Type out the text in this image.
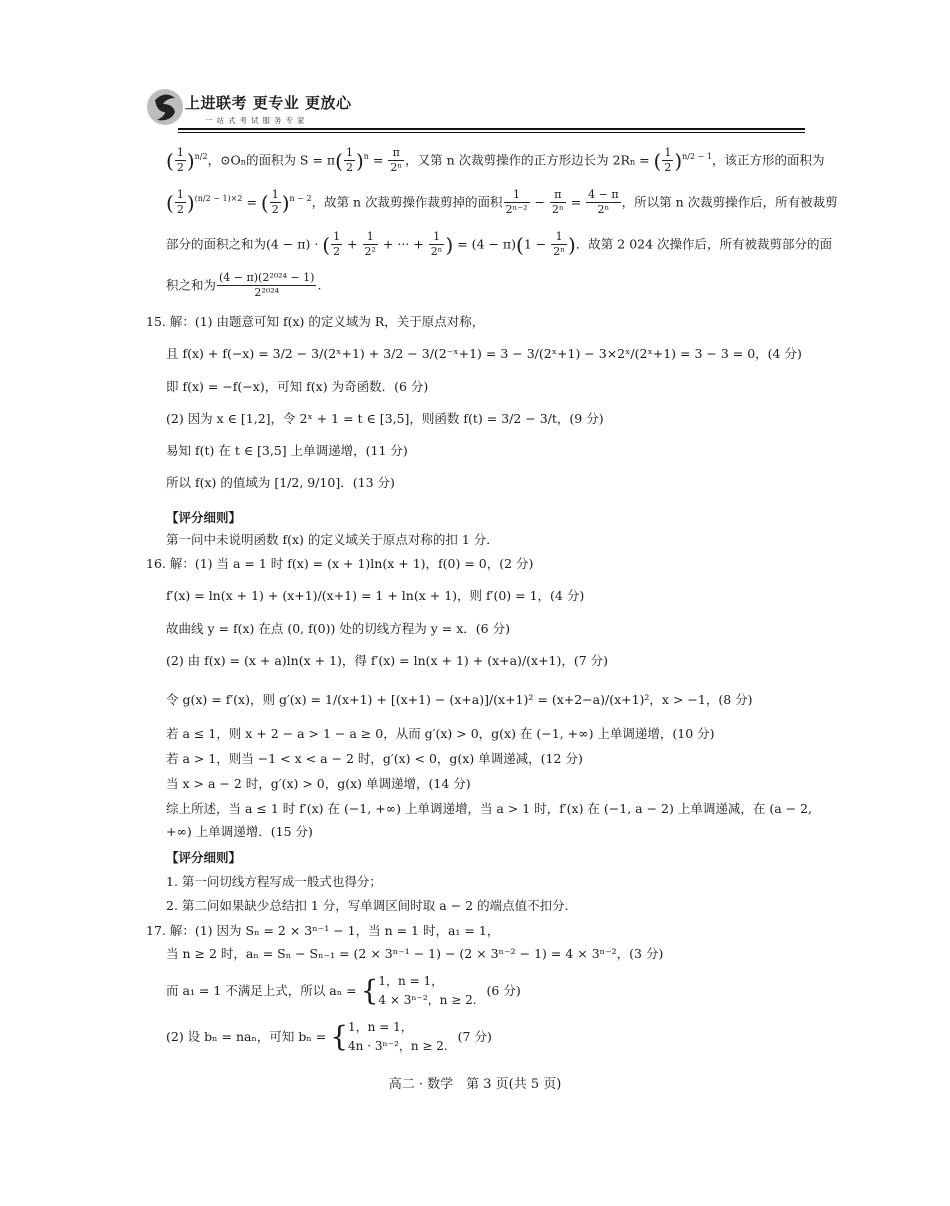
上进联考 更专业 更放心
一站式考试服务专家
( $\frac{1}{2} )^{n/2}$，⊙On的面积为 $S = \pi( \frac{1}{2} )^n = \frac{\pi}{\text{2ⁿ}}$ ，又第 n 次裁剪操作的正方形边长为 2Rn = ( $\frac{1}{2} )^{n/2 - 1}$，该正方形的面积为
( $\frac{1}{2} )^{(n/2 - 1)\times 2}$ = ( $\frac{1}{2} )^{n - 2}$，故第 n 次裁剪操作裁剪掉的面积 $\frac{1}{\text{2ⁿ⁻²}} - \frac{\pi}{\text{2ⁿ}} = \frac{4 - \pi}{\text{2ⁿ}}$ ，所以第 n 次裁剪操作后，所有被裁剪
部分的面积之和为(4 − π) · ( $\frac{1}{2} + \frac{1}{\text{2²}}$ + ··· + $\frac{1}{\text{2ⁿ}}$ ) = $(4 - \pi)(1 - \frac{1}{\text{2ⁿ}}$ )．故第 2 024 次操作后，所有被裁剪部分的面
积之和为 $\frac{\text{(4 − π)(2²⁰²⁴ − 1)}}{\text{2²⁰²⁴}}$ .
15. 解：(1) 由题意可知 f(x) 的定义域为 R，关于原点对称，
且 f(x) + f(−x) = 3/2 − 3/(2ˣ+1) + 3/2 − 3/(2⁻ˣ+1) = 3 − 3/(2ˣ+1) − 3×2ˣ/(2ˣ+1) = 3 − 3 = 0，(4 分)
即 f(x) = −f(−x)，可知 f(x) 为奇函数．(6 分)
(2) 因为 x ∈ [1,2]，令 2ˣ + 1 = t ∈ [3,5]，则函数 f(t) = 3/2 − 3/t，(9 分)
易知 f(t) 在 t ∈ [3,5] 上单调递增，(11 分)
所以 f(x) 的值域为 [1/2, 9/10]．(13 分)
【评分细则】
第一问中未说明函数 f(x) 的定义域关于原点对称的扣 1 分．
16. 解：(1) 当 a = 1 时 f(x) = (x + 1)ln(x + 1)，f(0) = 0，(2 分)
f′(x) = ln(x + 1) + (x+1)/(x+1) = 1 + ln(x + 1)，则 f′(0) = 1，(4 分)
故曲线 y = f(x) 在点 (0, f(0)) 处的切线方程为 y = x．(6 分)
(2) 由 f(x) = (x + a)ln(x + 1)，得 f′(x) = ln(x + 1) + (x+a)/(x+1)，(7 分)
令 g(x) = f′(x)，则 g′(x) = 1/(x+1) + [(x+1) − (x+a)]/(x+1)² = (x+2−a)/(x+1)²，x > −1，(8 分)
若 a ≤ 1，则 x + 2 − a > 1 − a ≥ 0，从而 g′(x) > 0，g(x) 在 (−1, +∞) 上单调递增，(10 分)
若 a > 1，则当 −1 < x < a − 2 时，g′(x) < 0，g(x) 单调递减，(12 分)
当 x > a − 2 时，g′(x) > 0，g(x) 单调递增，(14 分)
综上所述，当 a ≤ 1 时 f′(x) 在 (−1, +∞) 上单调递增，当 a > 1 时，f′(x) 在 (−1, a − 2) 上单调递减，在 (a − 2,
+∞) 上单调递增．(15 分)
【评分细则】
1. 第一问切线方程写成一般式也得分；
2. 第二问如果缺少总结扣 1 分，写单调区间时取 a − 2 的端点值不扣分．
17. 解：(1) 因为 Sₙ = 2 × 3ⁿ⁻¹ − 1，当 n = 1 时，a₁ = 1，
当 n ≥ 2 时，aₙ = Sₙ − Sₙ₋₁ = (2 × 3ⁿ⁻¹ − 1) − (2 × 3ⁿ⁻² − 1) = 4 × 3ⁿ⁻²，(3 分)
而 a₁ = 1 不满足上式，所以 aₙ = {1，n = 1，
4 × 3ⁿ⁻²，n ≥ 2. (6 分)
(2) 设 bₙ = naₙ，可知 bₙ = {1，n = 1，
4n · 3ⁿ⁻²，n ≥ 2. (7 分)
高二 · 数学　第 3 页(共 5 页)
